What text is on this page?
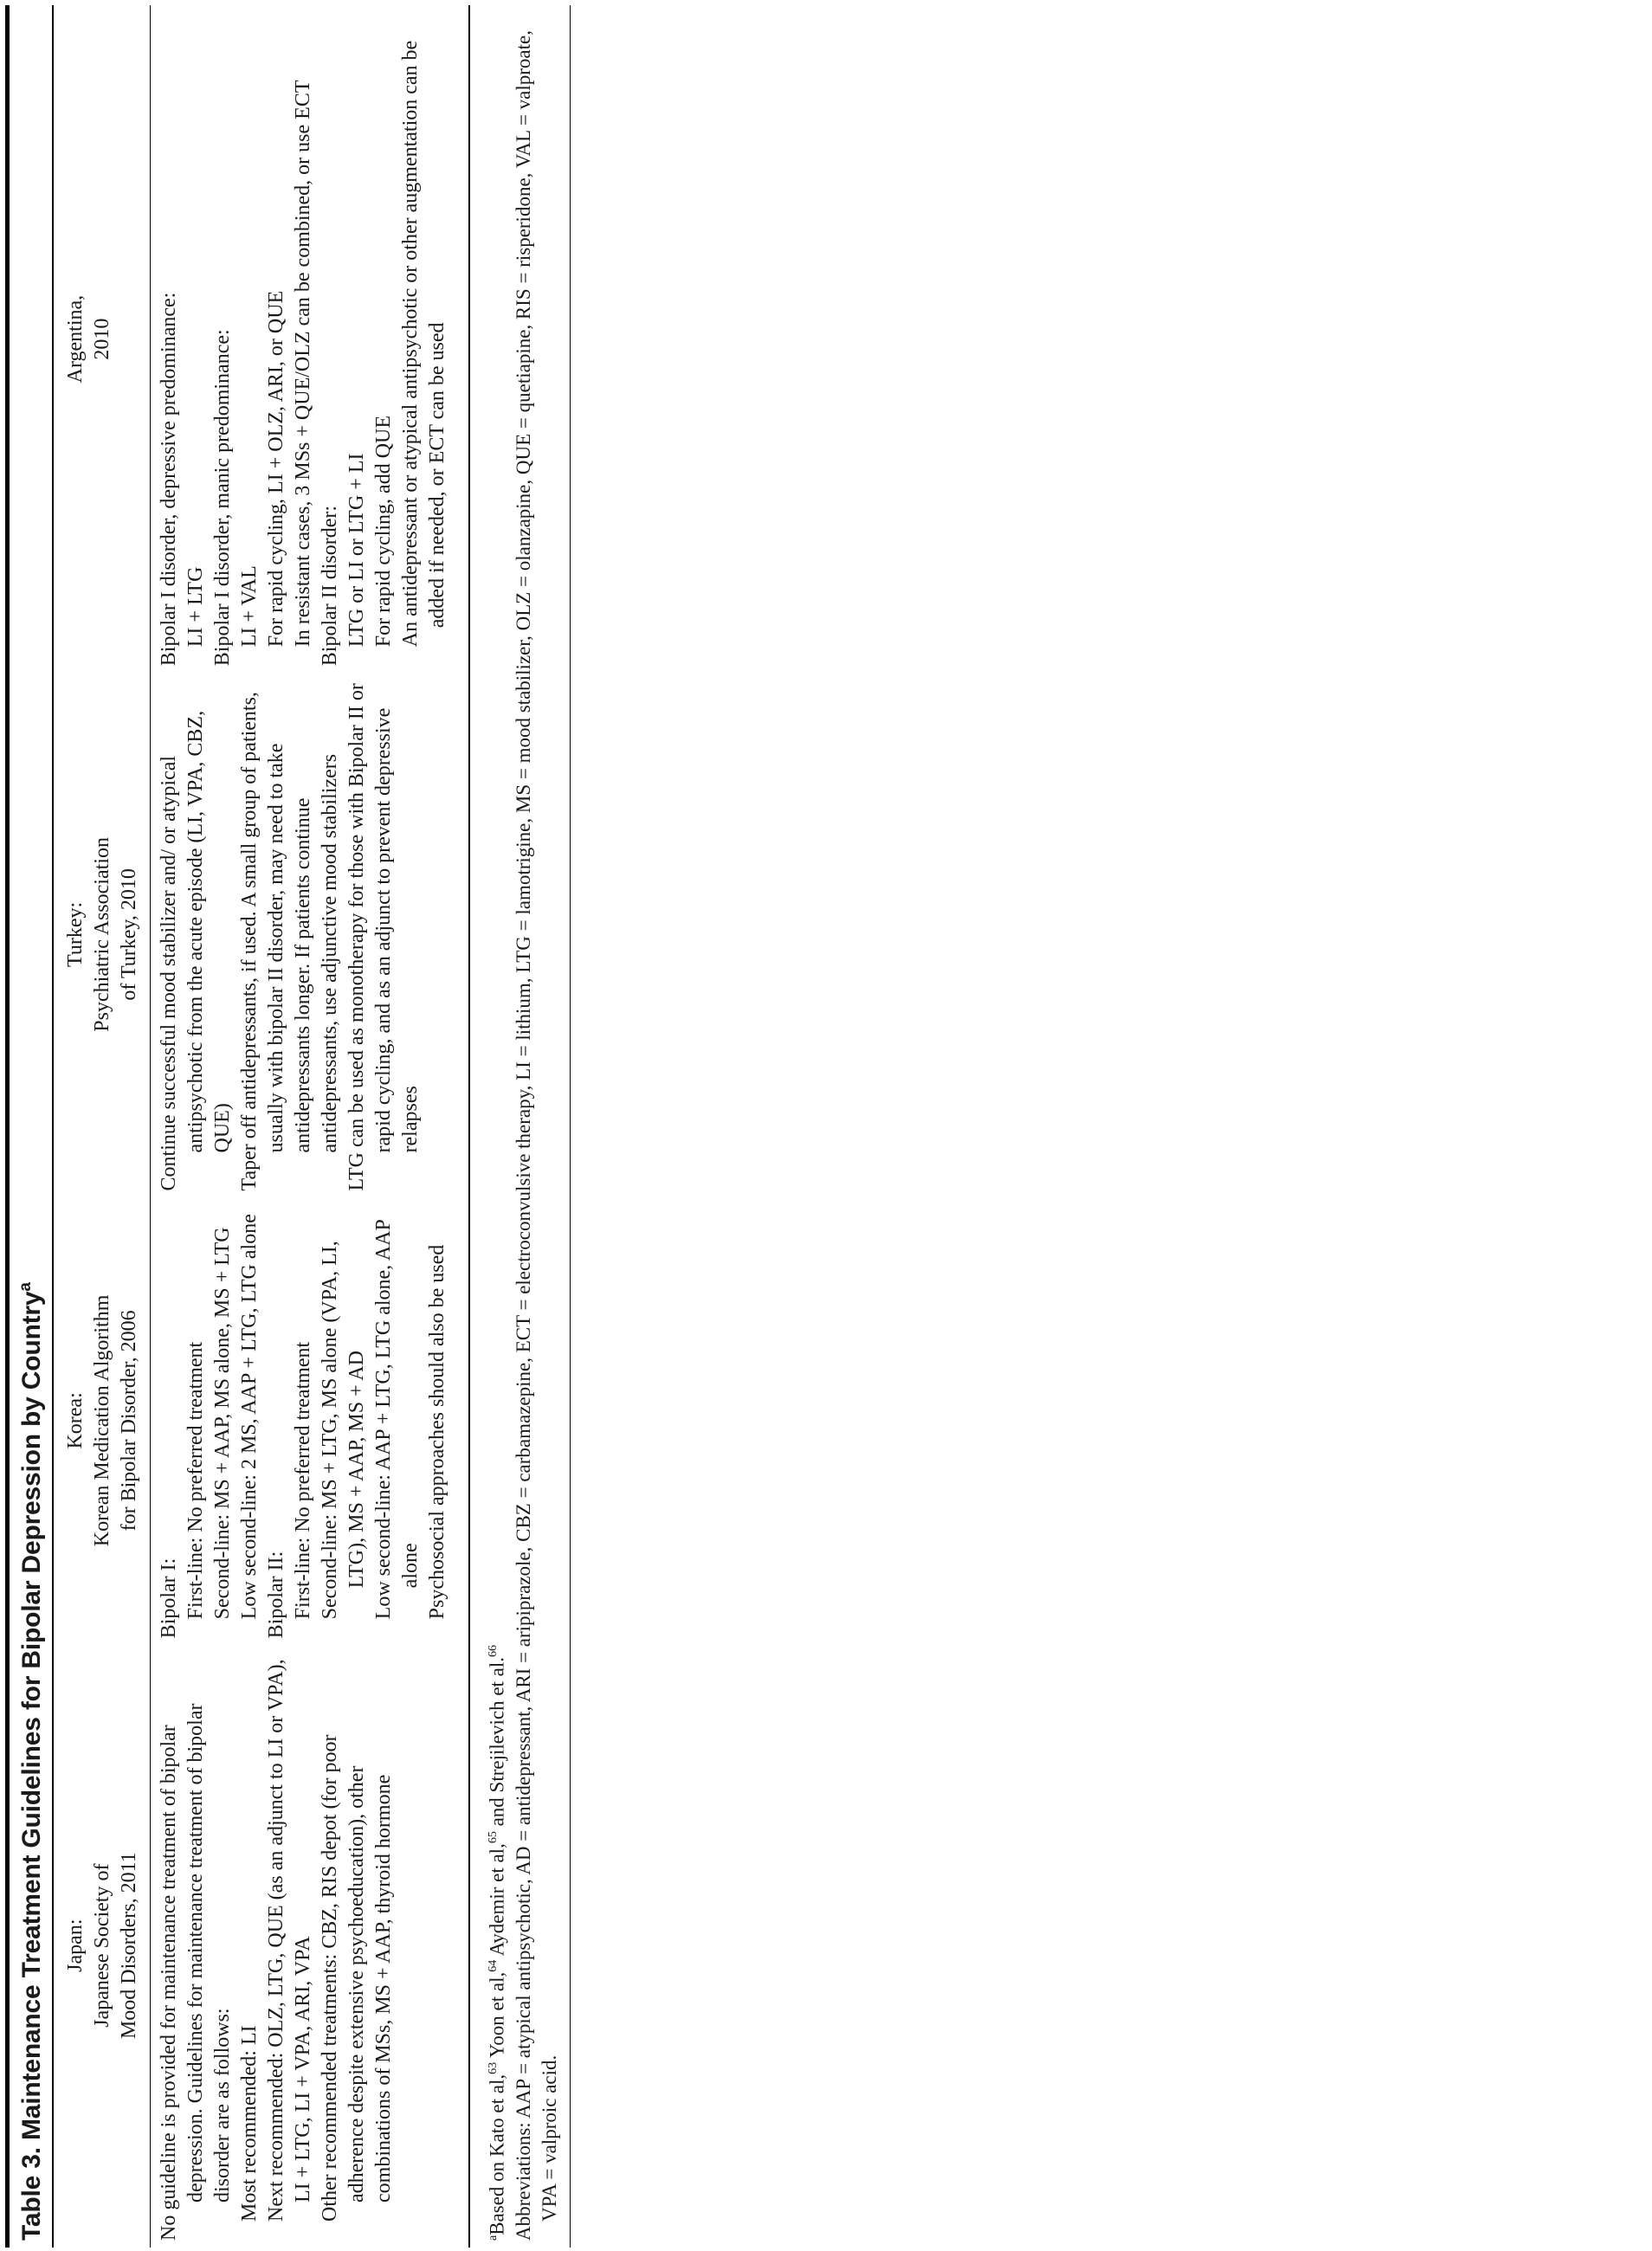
Table 3. Maintenance Treatment Guidelines for Bipolar Depression by Country$^a$
Japan: Japanese Society of Mood Disorders, 2011
Korea: Korean Medication Algorithm for Bipolar Disorder, 2006
Turkey: Psychiatric Association of Turkey, 2010
Argentina, 2010
No guideline is provided for maintenance treatment of bipolar depression. Guidelines for maintenance treatment of bipolar disorder are as follows: Most recommended: LI Next recommended: OLZ, LTG, QUE (as an adjunct to LI or VPA), LI + LTG, LI + VPA, ARI, VPA Other recommended treatments: CBZ, RIS depot (for poor adherence despite extensive psychoeducation), other combinations of MSs, MS + AAP, thyroid hormone
Bipolar I: First-line: No preferred treatment Second-line: MS + AAP, MS alone, MS + LTG Low second-line: 2 MS, AAP + LTG, LTG alone Bipolar II: First-line: No preferred treatment Second-line: MS + LTG, MS alone (VPA, LI, LTG), MS + AAP, MS + AD Low second-line: AAP + LTG, LTG alone, AAP alone Psychosocial approaches should also be used
Continue successful mood stabilizer and/ or atypical antipsychotic from the acute episode (LI, VPA, CBZ, QUE) Taper off antidepressants, if used. A small group of patients, usually with bipolar II disorder, may need to take antidepressants longer. If patients continue antidepressants, use adjunctive mood stabilizers LTG can be used as monotherapy for those with Bipolar II or rapid cycling, and as an adjunct to prevent depressive relapses
Bipolar I disorder, depressive predominance: LI + LTG Bipolar I disorder, manic predominance: LI + VAL For rapid cycling, LI + OLZ, ARI, or QUE In resistant cases, 3 MSs + QUE/OLZ can be combined, or use ECT Bipolar II disorder: LTG or LI or LTG + LI For rapid cycling, add QUE An antidepressant or atypical antipsychotic or other augmentation can be added if needed, or ECT can be used

$^a$Based on Kato et al,$^{63}$ Yoon et al,$^{64}$ Aydemir et al,$^{65}$ and Strejilevich et al.$^{66}$ Abbreviations: AAP = atypical antipsychotic, AD = antidepressant, ARI = aripiprazole, CBZ = carbamazepine, ECT = electroconvulsive therapy, LI = lithium, LTG = lamotrigine, MS = mood stabilizer, OLZ = olanzapine, QUE = quetiapine, RIS = risperidone, VAL = valproate, VPA = valproic acid.
